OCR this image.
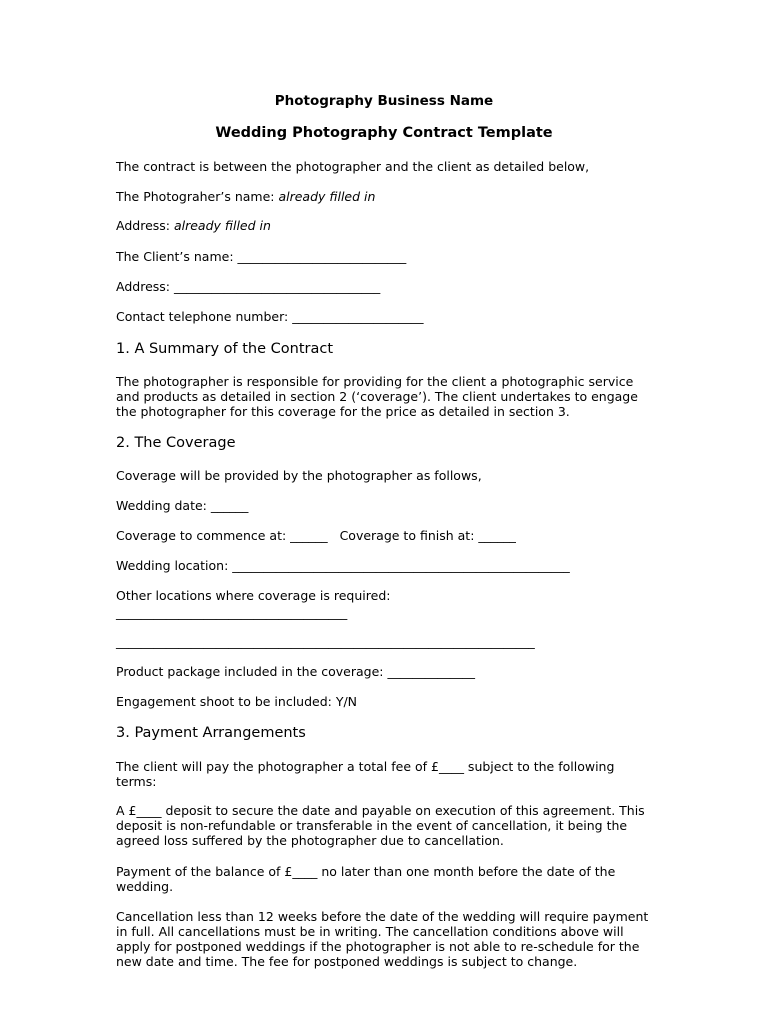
Photography Business Name

Wedding Photography Contract Template

The contract is between the photographer and the client as detailed below,

The Photograher’s name: already filled in

Address: already filled in

The Client’s name: ___________________________

Address: _________________________________

Contact telephone number: _____________________

1. A Summary of the Contract

The photographer is responsible for providing for the client a photographic service and products as detailed in section 2 (‘coverage’). The client undertakes to engage the photographer for this coverage for the price as detailed in section 3.

2. The Coverage

Coverage will be provided by the photographer as follows,

Wedding date: ______

Coverage to commence at: ______   Coverage to finish at: ______

Wedding location: ______________________________________________________

Other locations where coverage is required:

_____________________________________

___________________________________________________________________

Product package included in the coverage: ______________

Engagement shoot to be included: Y/N

3. Payment Arrangements

The client will pay the photographer a total fee of £____ subject to the following terms:

A £____ deposit to secure the date and payable on execution of this agreement. This deposit is non-refundable or transferable in the event of cancellation, it being the agreed loss suffered by the photographer due to cancellation.

Payment of the balance of £____ no later than one month before the date of the wedding.

Cancellation less than 12 weeks before the date of the wedding will require payment in full. All cancellations must be in writing. The cancellation conditions above will apply for postponed weddings if the photographer is not able to re-schedule for the new date and time. The fee for postponed weddings is subject to change.
